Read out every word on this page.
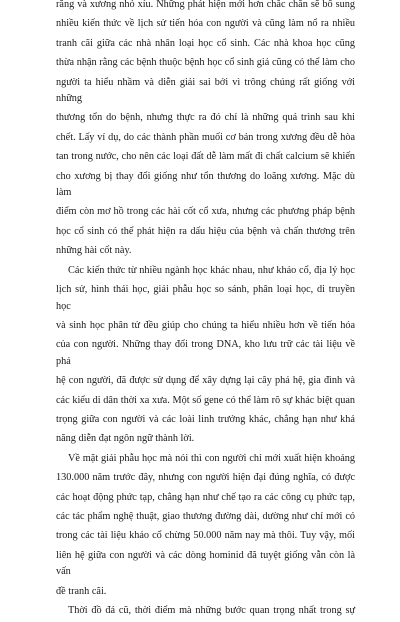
răng và xương nhỏ xíu. Những phát hiện mới hơn chắc chắn sẽ bổ sung

nhiều kiến thức về lịch sử tiến hóa con người và cũng làm nổ ra nhiều

tranh cãi giữa các nhà nhân loại học cổ sinh. Các nhà khoa học cũng

thừa nhận rằng các bệnh thuộc bệnh học cổ sinh giả cũng có thể làm cho

người ta hiểu nhầm và diễn giải sai bởi vì trông chúng rất giống với những

thương tổn do bệnh, nhưng thực ra đó chỉ là những quá trình sau khi

chết. Lấy ví dụ, do các thành phần muối cơ bản trong xương đều dễ hòa

tan trong nước, cho nên các loại đất dễ làm mất đi chất calcium sẽ khiến

cho xương bị thay đổi giống như tổn thương do loãng xương. Mặc dù làm

điểm còn mơ hồ trong các hài cốt cổ xưa, nhưng các phương pháp bệnh

học cổ sinh có thể phát hiện ra dấu hiệu của bệnh và chấn thương trên

những hài cốt này.

Các kiến thức từ nhiều ngành học khác nhau, như khảo cổ, địa lý học

lịch sử, hình thái học, giải phẫu học so sánh, phân loại học, di truyền học

và sinh học phân tử đều giúp cho chúng ta hiểu nhiều hơn về tiến hóa

của con người. Những thay đổi trong DNA, kho lưu trữ các tài liệu về phả

hệ con người, đã được sử dụng để xây dựng lại cây phả hệ, gia đình và

các kiểu di dân thời xa xưa. Một số gene có thể làm rõ sự khác biệt quan

trọng giữa con người và các loài linh trưởng khác, chẳng hạn như khả

năng diễn đạt ngôn ngữ thành lời.

Về mặt giải phẫu học mà nói thì con người chỉ mới xuất hiện khoảng

130.000 năm trước đây, nhưng con người hiện đại đúng nghĩa, có được

các hoạt động phức tạp, chẳng hạn như chế tạo ra các công cụ phức tạp,

các tác phẩm nghệ thuật, giao thương đường dài, dường như chỉ mới có

trong các tài liệu khảo cổ chừng 50.000 năm nay mà thôi. Tuy vậy, mối

liên hệ giữa con người và các dòng hominid đã tuyệt giống vẫn còn là vấn

đề tranh cãi.

Thời đồ đá cũ, thời điểm mà những bước quan trọng nhất trong sự
